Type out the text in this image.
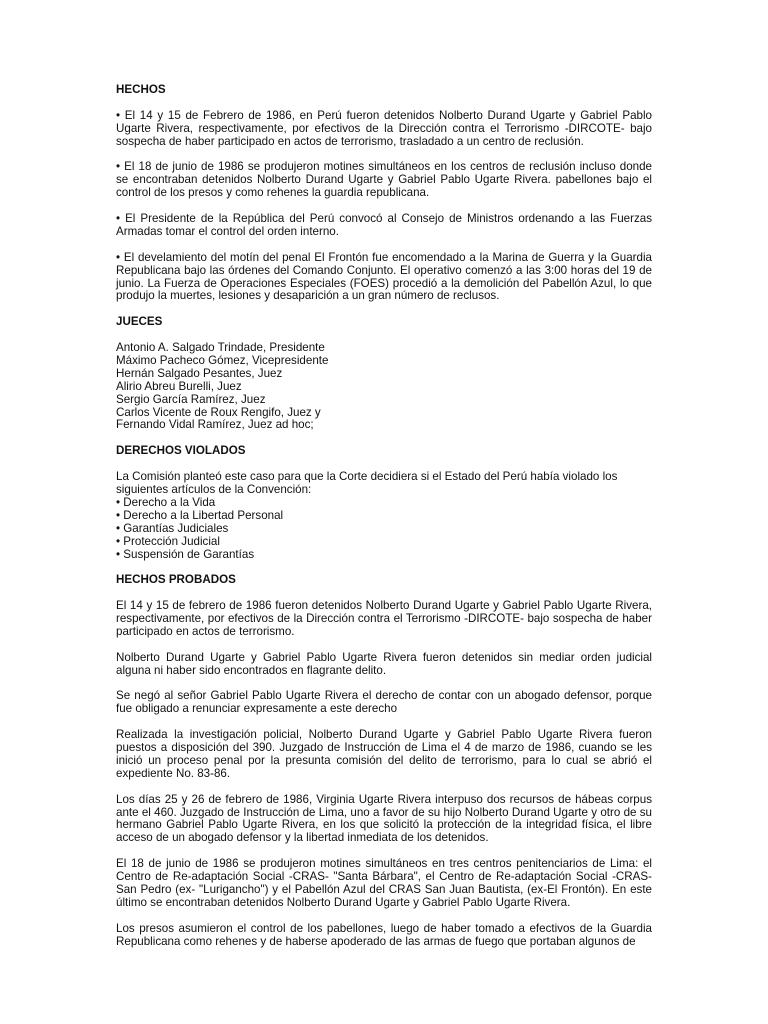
HECHOS

• El 14 y 15 de Febrero de 1986, en Perú fueron detenidos Nolberto Durand Ugarte y Gabriel Pablo Ugarte Rivera, respectivamente, por efectivos de la Dirección contra el Terrorismo -DIRCOTE- bajo sospecha de haber participado en actos de terrorismo, trasladado a un centro de reclusión.

• El 18 de junio de 1986 se produjeron motines simultáneos en los centros de reclusión incluso donde se encontraban detenidos Nolberto Durand Ugarte y Gabriel Pablo Ugarte Rivera. pabellones bajo el control de los presos y como rehenes la guardia republicana.

• El Presidente de la República del Perú convocó al Consejo de Ministros ordenando a las Fuerzas Armadas tomar el control del orden interno.

• El develamiento del motín del penal El Frontón fue encomendado a la Marina de Guerra y la Guardia Republicana bajo las órdenes del Comando Conjunto. El operativo comenzó a las 3:00 horas del 19 de junio. La Fuerza de Operaciones Especiales (FOES) procedió a la demolición del Pabellón Azul, lo que produjo la muertes, lesiones y desaparición a un gran número de reclusos.

JUECES
Antonio A. Salgado Trindade, Presidente
Máximo Pacheco Gómez, Vicepresidente
Hernán Salgado Pesantes, Juez
Alirio Abreu Burelli, Juez
Sergio García Ramírez, Juez
Carlos Vicente de Roux Rengifo, Juez y
Fernando Vidal Ramírez, Juez ad hoc;
DERECHOS VIOLADOS
La Comisión planteó este caso para que la Corte decidiera si el Estado del Perú había violado los
siguientes artículos de la Convención:
• Derecho a la Vida
• Derecho a la Libertad Personal
• Garantías Judiciales
• Protección Judicial
• Suspensión de Garantías
HECHOS PROBADOS

El 14 y 15 de febrero de 1986 fueron detenidos Nolberto Durand Ugarte y Gabriel Pablo Ugarte Rivera, respectivamente, por efectivos de la Dirección contra el Terrorismo -DIRCOTE- bajo sospecha de haber participado en actos de terrorismo.

Nolberto Durand Ugarte y Gabriel Pablo Ugarte Rivera fueron detenidos sin mediar orden judicial alguna ni haber sido encontrados en flagrante delito.

Se negó al señor Gabriel Pablo Ugarte Rivera el derecho de contar con un abogado defensor, porque fue obligado a renunciar expresamente a este derecho

Realizada la investigación policial, Nolberto Durand Ugarte y Gabriel Pablo Ugarte Rivera fueron puestos a disposición del 390. Juzgado de Instrucción de Lima el 4 de marzo de 1986, cuando se les inició un proceso penal por la presunta comisión del delito de terrorismo, para lo cual se abrió el expediente No. 83-86.

Los días 25 y 26 de febrero de 1986, Virginia Ugarte Rivera interpuso dos recursos de hábeas corpus ante el 460. Juzgado de Instrucción de Lima, uno a favor de su hijo Nolberto Durand Ugarte y otro de su hermano Gabriel Pablo Ugarte Rivera, en los que solicitó la protección de la integridad física, el libre acceso de un abogado defensor y la libertad inmediata de los detenidos.

El 18 de junio de 1986 se produjeron motines simultáneos en tres centros penitenciarios de Lima: el Centro de Re-adaptación Social -CRAS- "Santa Bárbara", el Centro de Re-adaptación Social -CRAS-San Pedro (ex- "Lurigancho") y el Pabellón Azul del CRAS San Juan Bautista, (ex-El Frontón). En este último se encontraban detenidos Nolberto Durand Ugarte y Gabriel Pablo Ugarte Rivera.

Los presos asumieron el control de los pabellones, luego de haber tomado a efectivos de la Guardia Republicana como rehenes y de haberse apoderado de las armas de fuego que portaban algunos de
